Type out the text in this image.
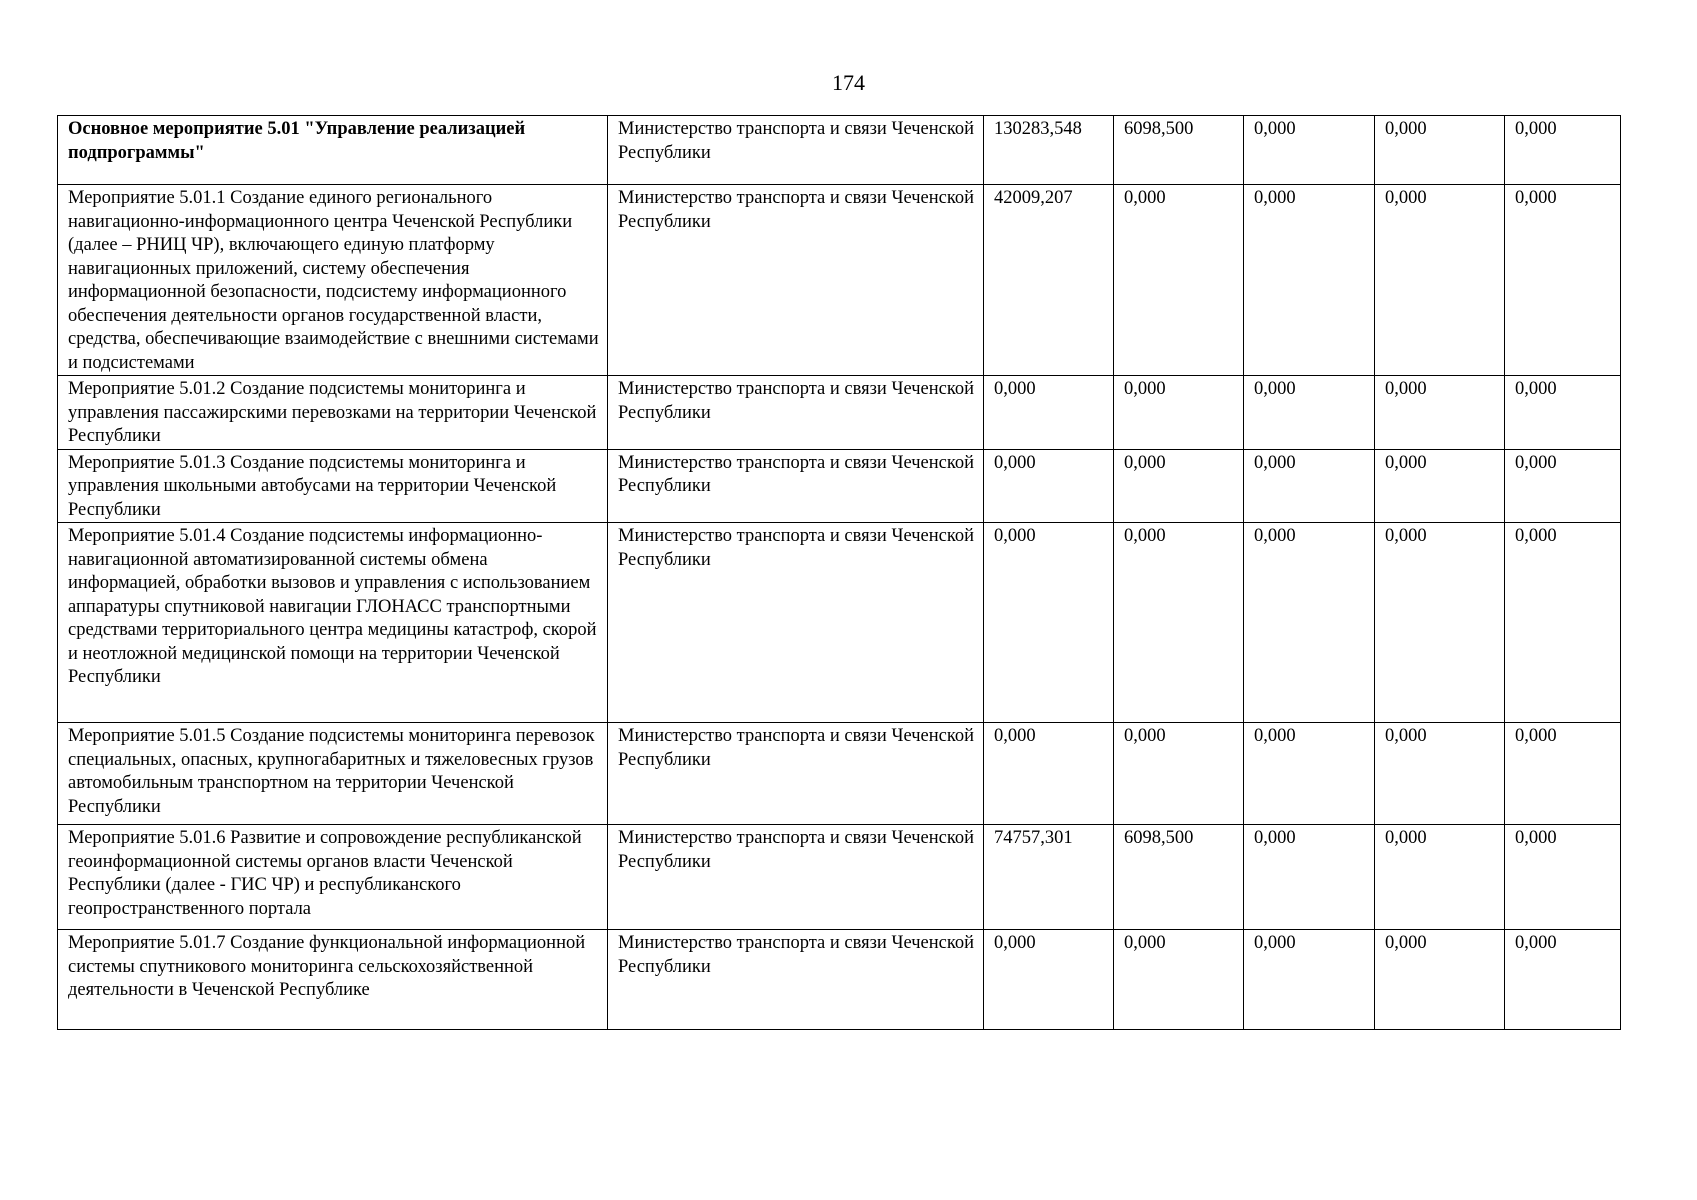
174
Основное мероприятие 5.01 "Управление реализацией подпрограммы"	Министерство транспорта и связи Чеченской Республики	130283,548	6098,500	0,000	0,000	0,000
Мероприятие 5.01.1 Создание единого регионального навигационно-информационного центра Чеченской Республики (далее – РНИЦ ЧР), включающего единую платформу навигационных приложений, систему обеспечения информационной безопасности, подсистему информационного обеспечения деятельности органов государственной власти, средства, обеспечивающие взаимодействие с внешними системами и подсистемами	Министерство транспорта и связи Чеченской Республики	42009,207	0,000	0,000	0,000	0,000
Мероприятие 5.01.2 Создание подсистемы мониторинга и управления пассажирскими перевозками на территории Чеченской Республики	Министерство транспорта и связи Чеченской Республики	0,000	0,000	0,000	0,000	0,000
Мероприятие 5.01.3 Создание подсистемы мониторинга и управления школьными автобусами на территории Чеченской Республики	Министерство транспорта и связи Чеченской Республики	0,000	0,000	0,000	0,000	0,000
Мероприятие 5.01.4 Создание подсистемы информационно-навигационной автоматизированной системы обмена информацией, обработки вызовов и управления с использованием аппаратуры спутниковой навигации ГЛОНАСС транспортными средствами территориального центра медицины катастроф, скорой и неотложной медицинской помощи на территории Чеченской Республики	Министерство транспорта и связи Чеченской Республики	0,000	0,000	0,000	0,000	0,000
Мероприятие 5.01.5 Создание подсистемы мониторинга перевозок специальных, опасных, крупногабаритных и тяжеловесных грузов автомобильным транспортном на территории Чеченской Республики	Министерство транспорта и связи Чеченской Республики	0,000	0,000	0,000	0,000	0,000
Мероприятие 5.01.6 Развитие и сопровождение республиканской геоинформационной системы органов власти Чеченской Республики (далее - ГИС ЧР) и республиканского геопространственного портала	Министерство транспорта и связи Чеченской Республики	74757,301	6098,500	0,000	0,000	0,000
Мероприятие 5.01.7 Создание функциональной информационной системы спутникового мониторинга сельскохозяйственной деятельности в Чеченской Республике	Министерство транспорта и связи Чеченской Республики	0,000	0,000	0,000	0,000	0,000
